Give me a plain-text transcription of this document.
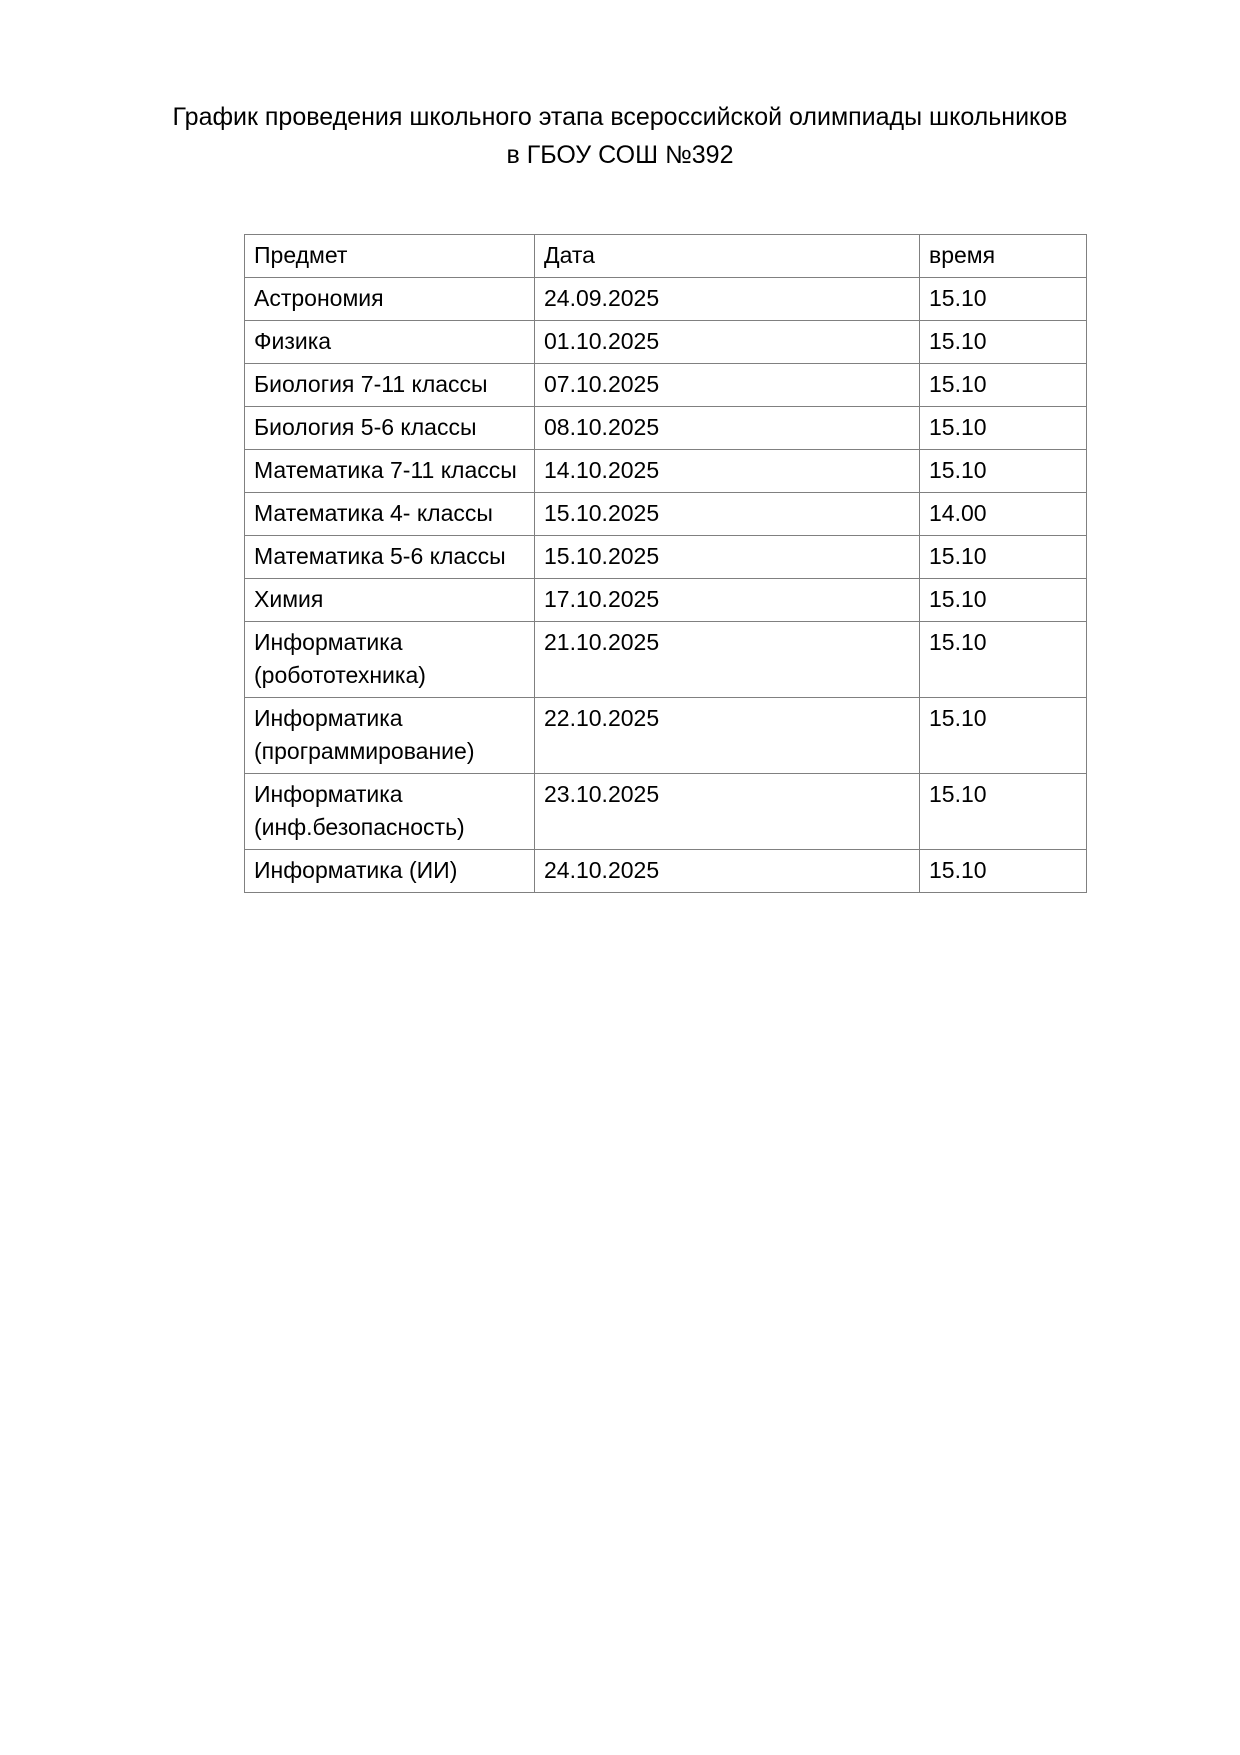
График проведения школьного этапа всероссийской олимпиады школьников
в ГБОУ СОШ №392
Предмет	Дата	время

Астрономия	24.09.2025	15.10

Физика	01.10.2025	15.10

Биология 7-11 классы	07.10.2025	15.10

Биология 5-6 классы	08.10.2025	15.10

Математика 7-11 классы	14.10.2025	15.10

Математика 4- классы	15.10.2025	14.00

Математика 5-6 классы	15.10.2025	15.10

Химия	17.10.2025	15.10

Информатика
(робототехника)	21.10.2025	15.10

Информатика
(программирование)	22.10.2025	15.10

Информатика
(инф.безопасность)	23.10.2025	15.10

Информатика (ИИ)	24.10.2025	15.10
